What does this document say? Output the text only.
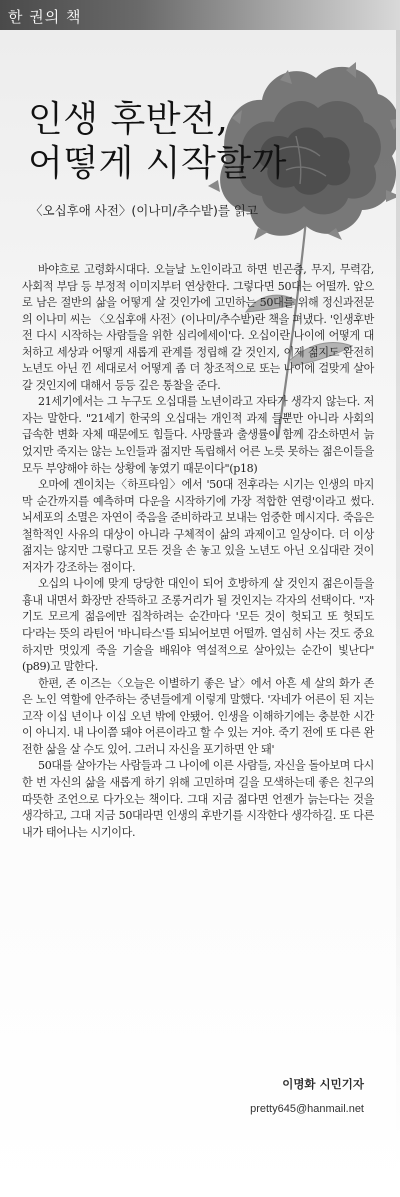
한 권의 책
인생 후반전,
어떻게 시작할까
〈오십후애 사전〉(이나미/추수밭)를 읽고

바야흐로 고령화시대다. 오늘날 노인이라고 하면 빈곤층, 무지, 무력감, 사회적 부담 등 부정적 이미지부터 연상한다. 그렇다면 50대는 어떨까. 앞으로 남은 절반의 삶을 어떻게 살 것인가에 고민하는 50대를 위해 정신과전문의 이나미 씨는 〈오십후애 사전〉(이나미/추수밭)란 책을 펴냈다. '인생후반전 다시 시작하는 사람들을 위한 심리에세이'다. 오십이란 나이에 어떻게 대처하고 세상과 어떻게 새롭게 관계를 정립해 갈 것인지, 이제 젊지도 완전히 노년도 아닌 낀 세대로서 어떻게 좀 더 창조적으로 또는 나이에 걸맞게 살아갈 것인지에 대해서 등등 깊은 통찰을 준다.

21세기에서는 그 누구도 오십대를 노년이라고 자타가 생각지 않는다. 저자는 말한다. "21세기 한국의 오십대는 개인적 과제 들뿐만 아니라 사회의 급속한 변화 자체 때문에도 힘들다. 사망률과 출생률이 함께 감소하면서 늙었지만 죽지는 않는 노인들과 젊지만 독립해서 어른 노릇 못하는 젊은이들을 모두 부양해야 하는 상황에 놓였기 때문이다"(p18)

오마에 겐이치는〈하프타임〉에서 '50대 전후라는 시기는 인생의 마지막 순간까지를 예측하며 다운을 시작하기에 가장 적합한 연령'이라고 썼다. 뇌세포의 소멸은 자연이 죽음을 준비하라고 보내는 엄중한 메시지다. 죽음은 철학적인 사유의 대상이 아니라 구체적이 삶의 과제이고 일상이다. 더 이상 젊지는 않지만 그렇다고 모든 것을 손 놓고 있을 노년도 아닌 오십대란 것이 저자가 강조하는 점이다.

오십의 나이에 맞게 당당한 대인이 되어 호방하게 살 것인지 젊은이들을 흉내 내면서 화장만 잔뜩하고 조롱거리가 될 것인지는 각자의 선택이다. "자기도 모르게 젊음에만 집착하려는 순간마다 '모든 것이 헛되고 또 헛되도다'라는 뜻의 라틴어 '바니타스'를 되뇌어보면 어떨까. 열심히 사는 것도 중요하지만 멋있게 죽을 기술을 배워야 역설적으로 살아있는 순간이 빛난다"(p89)고 말한다.

한편, 존 이즈는〈오늘은 이별하기 좋은 날〉에서 아흔 세 살의 화가 존은 노인 역할에 안주하는 중년들에게 이렇게 말했다. '자네가 어른이 된 지는 고작 이십 년이나 이십 오년 밖에 안됐어. 인생을 이해하기에는 충분한 시간이 아니지. 내 나이쯤 돼야 어른이라고 할 수 있는 거야. 죽기 전에 또 다른 완전한 삶을 살 수도 있어. 그러니 자신을 포기하면 안 돼'

50대를 살아가는 사람들과 그 나이에 이른 사람들, 자신을 돌아보며 다시 한 번 자신의 삶을 새롭게 하기 위해 고민하며 길을 모색하는데 좋은 친구의 따뜻한 조언으로 다가오는 책이다. 그대 지금 젊다면 언젠가 늙는다는 것을 생각하고, 그대 지금 50대라면 인생의 후반기를 시작한다 생각하길. 또 다른 내가 태어나는 시기이다.

이명화 시민기자
pretty645@hanmail.net
